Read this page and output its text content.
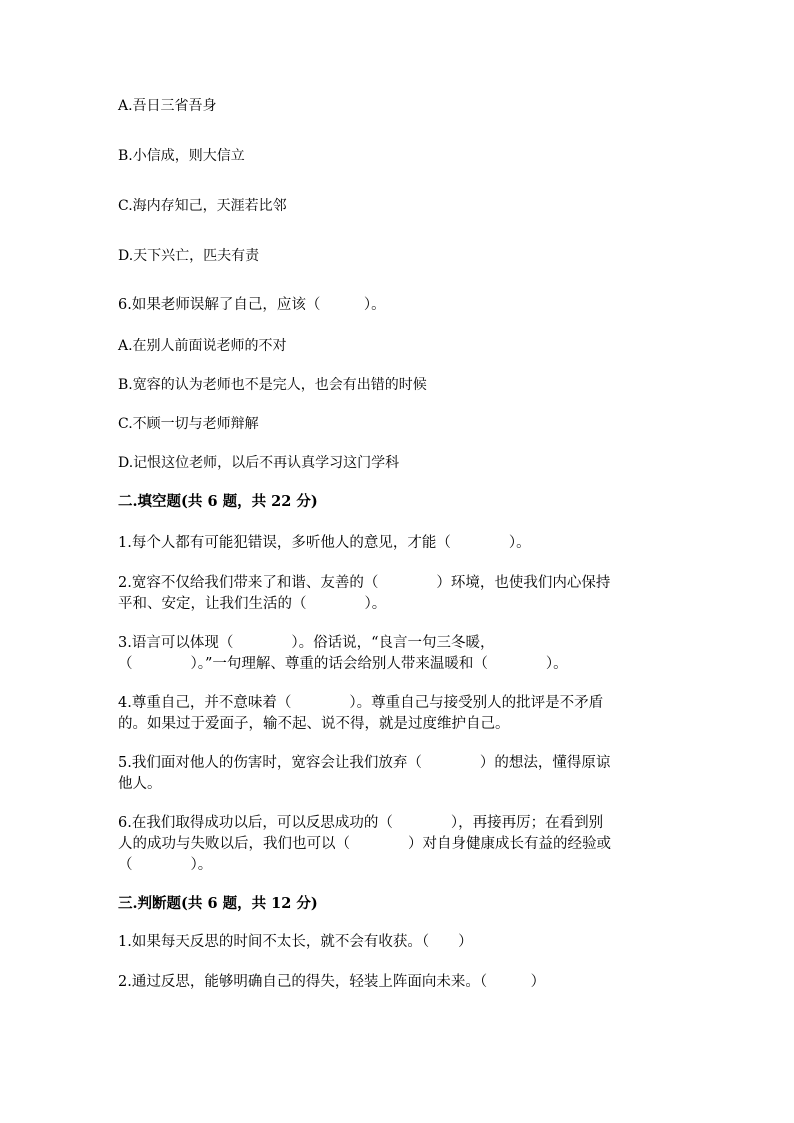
A.吾日三省吾身
B.小信成，则大信立
C.海内存知己，天涯若比邻
D.天下兴亡，匹夫有责
6.如果老师误解了自己，应该（　　　）。
A.在别人前面说老师的不对
B.宽容的认为老师也不是完人，也会有出错的时候
C.不顾一切与老师辩解
D.记恨这位老师，以后不再认真学习这门学科
二.填空题(共 6 题，共 22 分)
1.每个人都有可能犯错误，多听他人的意见，才能（　　　　）。
2.宽容不仅给我们带来了和谐、友善的（　　　　）环境，也使我们内心保持
平和、安定，让我们生活的（　　　　）。
3.语言可以体现（　　　　）。俗话说，“良言一句三冬暖，
（　　　　）。”一句理解、尊重的话会给别人带来温暖和（　　　　）。
4.尊重自己，并不意味着（　　　　）。尊重自己与接受别人的批评是不矛盾
的。如果过于爱面子，输不起、说不得，就是过度维护自己。
5.我们面对他人的伤害时，宽容会让我们放弃（　　　　）的想法，懂得原谅
他人。
6.在我们取得成功以后，可以反思成功的（　　　　），再接再厉；在看到别
人的成功与失败以后，我们也可以（　　　　）对自身健康成长有益的经验或
（　　　　）。
三.判断题(共 6 题，共 12 分)
1.如果每天反思的时间不太长，就不会有收获。（　　）
2.通过反思，能够明确自己的得失，轻装上阵面向未来。（　　　）
